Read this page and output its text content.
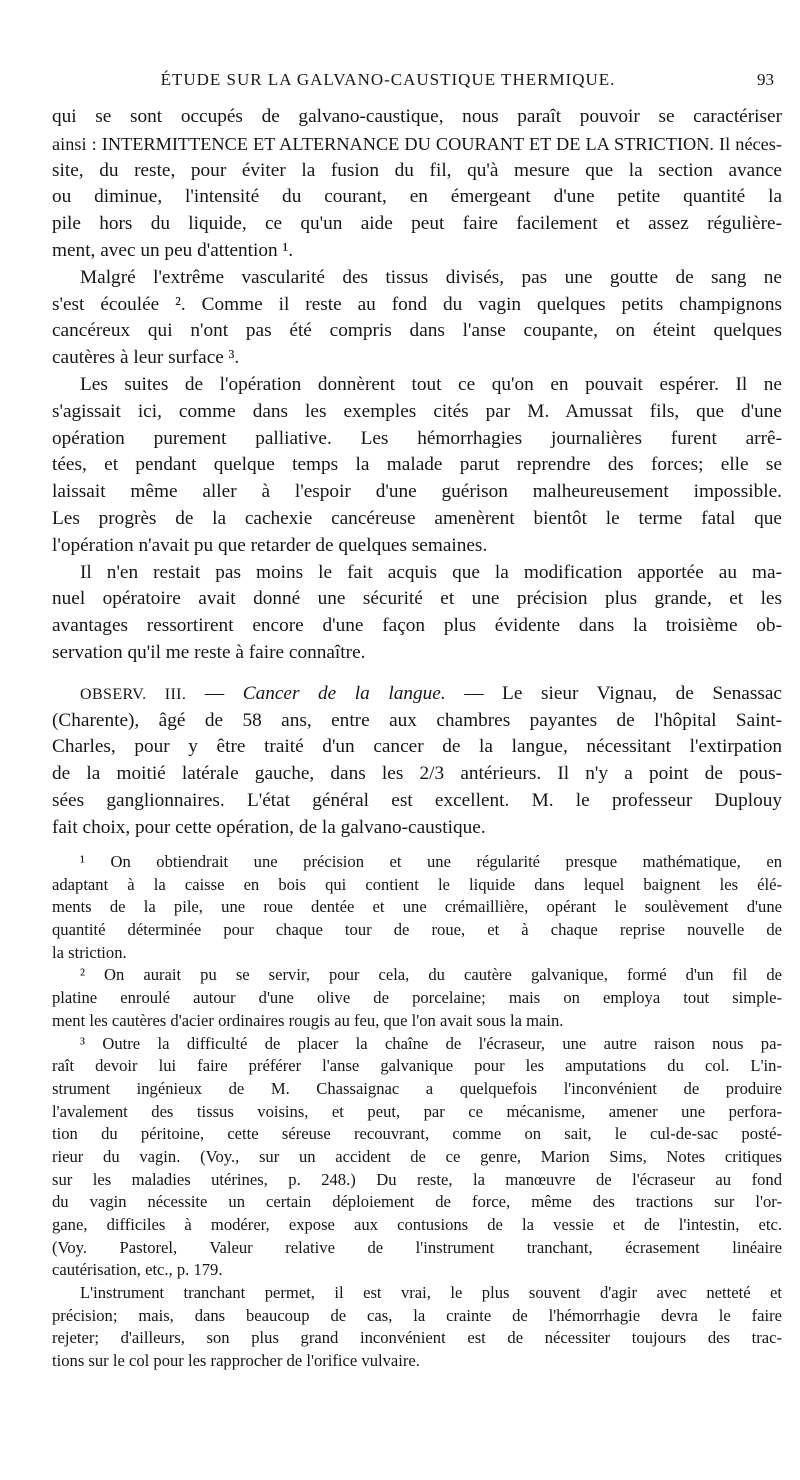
ÉTUDE SUR LA GALVANO-CAUSTIQUE THERMIQUE.	93
qui se sont occupés de galvano-caustique, nous paraît pouvoir se caractériser
ainsi : INTERMITTENCE ET ALTERNANCE DU COURANT ET DE LA STRICTION. Il néces-
site, du reste, pour éviter la fusion du fil, qu'à mesure que la section avance
ou diminue, l'intensité du courant, en émergeant d'une petite quantité la
pile hors du liquide, ce qu'un aide peut faire facilement et assez régulière-
ment, avec un peu d'attention ¹.
Malgré l'extrême vascularité des tissus divisés, pas une goutte de sang ne
s'est écoulée ². Comme il reste au fond du vagin quelques petits champignons
cancéreux qui n'ont pas été compris dans l'anse coupante, on éteint quelques
cautères à leur surface ³.
Les suites de l'opération donnèrent tout ce qu'on en pouvait espérer. Il ne
s'agissait ici, comme dans les exemples cités par M. Amussat fils, que d'une
opération purement palliative. Les hémorrhagies journalières furent arrê-
tées, et pendant quelque temps la malade parut reprendre des forces; elle se
laissait même aller à l'espoir d'une guérison malheureusement impossible.
Les progrès de la cachexie cancéreuse amenèrent bientôt le terme fatal que
l'opération n'avait pu que retarder de quelques semaines.
Il n'en restait pas moins le fait acquis que la modification apportée au ma-
nuel opératoire avait donné une sécurité et une précision plus grande, et les
avantages ressortirent encore d'une façon plus évidente dans la troisième ob-
servation qu'il me reste à faire connaître.
OBSERV. III. — Cancer de la langue. — Le sieur Vignau, de Senassac
(Charente), âgé de 58 ans, entre aux chambres payantes de l'hôpital Saint-
Charles, pour y être traité d'un cancer de la langue, nécessitant l'extirpation
de la moitié latérale gauche, dans les 2/3 antérieurs. Il n'y a point de pous-
sées ganglionnaires. L'état général est excellent. M. le professeur Duplouy
fait choix, pour cette opération, de la galvano-caustique.
¹ On obtiendrait une précision et une régularité presque mathématique, en
adaptant à la caisse en bois qui contient le liquide dans lequel baignent les élé-
ments de la pile, une roue dentée et une crémaillière, opérant le soulèvement d'une
quantité déterminée pour chaque tour de roue, et à chaque reprise nouvelle de
la striction.
² On aurait pu se servir, pour cela, du cautère galvanique, formé d'un fil de
platine enroulé autour d'une olive de porcelaine; mais on employa tout simple-
ment les cautères d'acier ordinaires rougis au feu, que l'on avait sous la main.
³ Outre la difficulté de placer la chaîne de l'écraseur, une autre raison nous pa-
raît devoir lui faire préférer l'anse galvanique pour les amputations du col. L'in-
strument ingénieux de M. Chassaignac a quelquefois l'inconvénient de produire
l'avalement des tissus voisins, et peut, par ce mécanisme, amener une perfora-
tion du péritoine, cette séreuse recouvrant, comme on sait, le cul-de-sac posté-
rieur du vagin. (Voy., sur un accident de ce genre, Marion Sims, Notes critiques
sur les maladies utérines, p. 248.) Du reste, la manœuvre de l'écraseur au fond
du vagin nécessite un certain déploiement de force, même des tractions sur l'or-
gane, difficiles à modérer, expose aux contusions de la vessie et de l'intestin, etc.
(Voy. Pastorel, Valeur relative de l'instrument tranchant, écrasement linéaire
cautérisation, etc., p. 179.
L'instrument tranchant permet, il est vrai, le plus souvent d'agir avec netteté et
précision; mais, dans beaucoup de cas, la crainte de l'hémorrhagie devra le faire
rejeter; d'ailleurs, son plus grand inconvénient est de nécessiter toujours des trac-
tions sur le col pour les rapprocher de l'orifice vulvaire.
